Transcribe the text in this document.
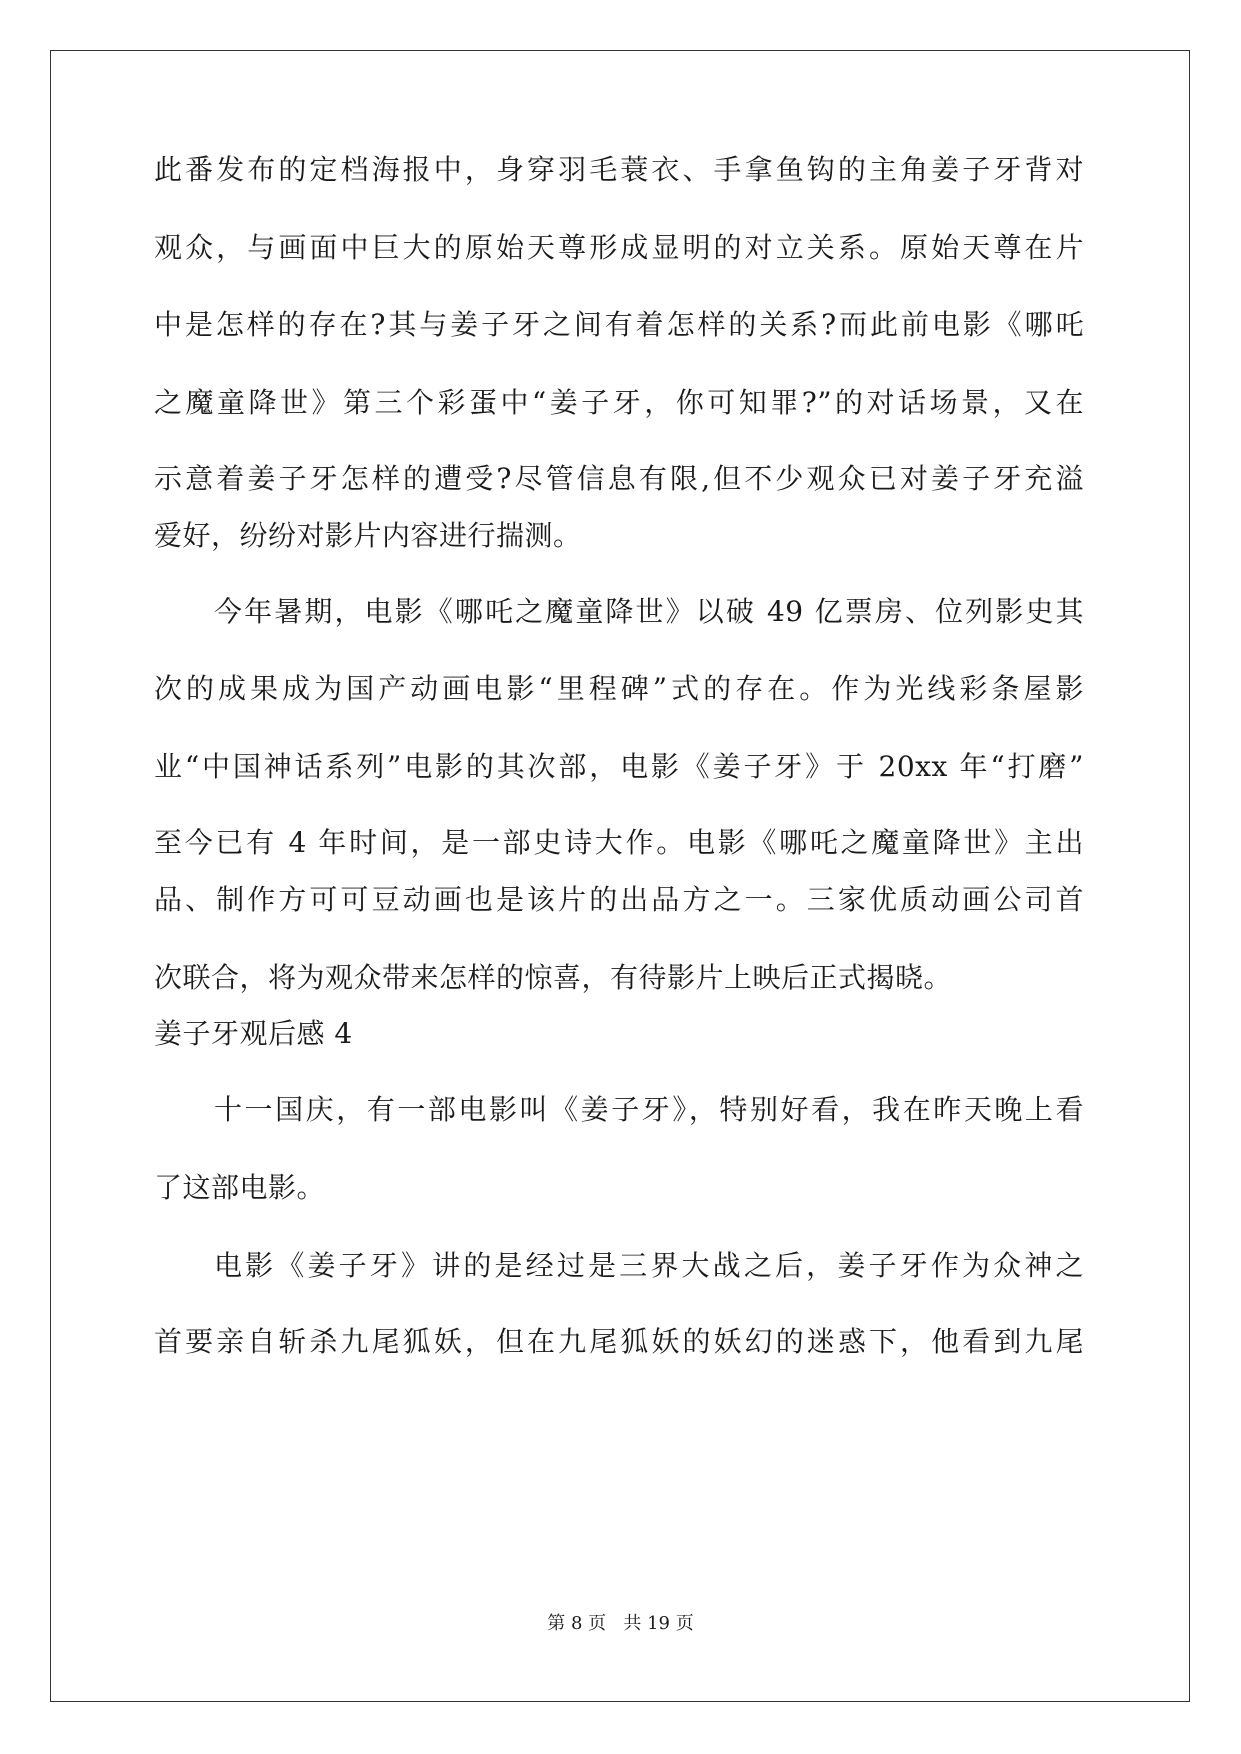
此番发布的定档海报中，身穿羽毛蓑衣、手拿鱼钩的主角姜子牙背对
观众，与画面中巨大的原始天尊形成显明的对立关系。原始天尊在片
中是怎样的存在?其与姜子牙之间有着怎样的关系?而此前电影《哪吒
之魔童降世》第三个彩蛋中“姜子牙，你可知罪?”的对话场景，又在
示意着姜子牙怎样的遭受?尽管信息有限,但不少观众已对姜子牙充溢
爱好，纷纷对影片内容进行揣测。
今年暑期，电影《哪吒之魔童降世》以破 49 亿票房、位列影史其
次的成果成为国产动画电影“里程碑”式的存在。作为光线彩条屋影
业“中国神话系列”电影的其次部，电影《姜子牙》于 20xx 年“打磨”
至今已有 4 年时间，是一部史诗大作。电影《哪吒之魔童降世》主出
品、制作方可可豆动画也是该片的出品方之一。三家优质动画公司首
次联合，将为观众带来怎样的惊喜，有待影片上映后正式揭晓。
姜子牙观后感 4
十一国庆，有一部电影叫《姜子牙》，特别好看，我在昨天晚上看
了这部电影。
电影《姜子牙》讲的是经过是三界大战之后，姜子牙作为众神之
首要亲自斩杀九尾狐妖，但在九尾狐妖的妖幻的迷惑下，他看到九尾
第 8 页   共 19 页
